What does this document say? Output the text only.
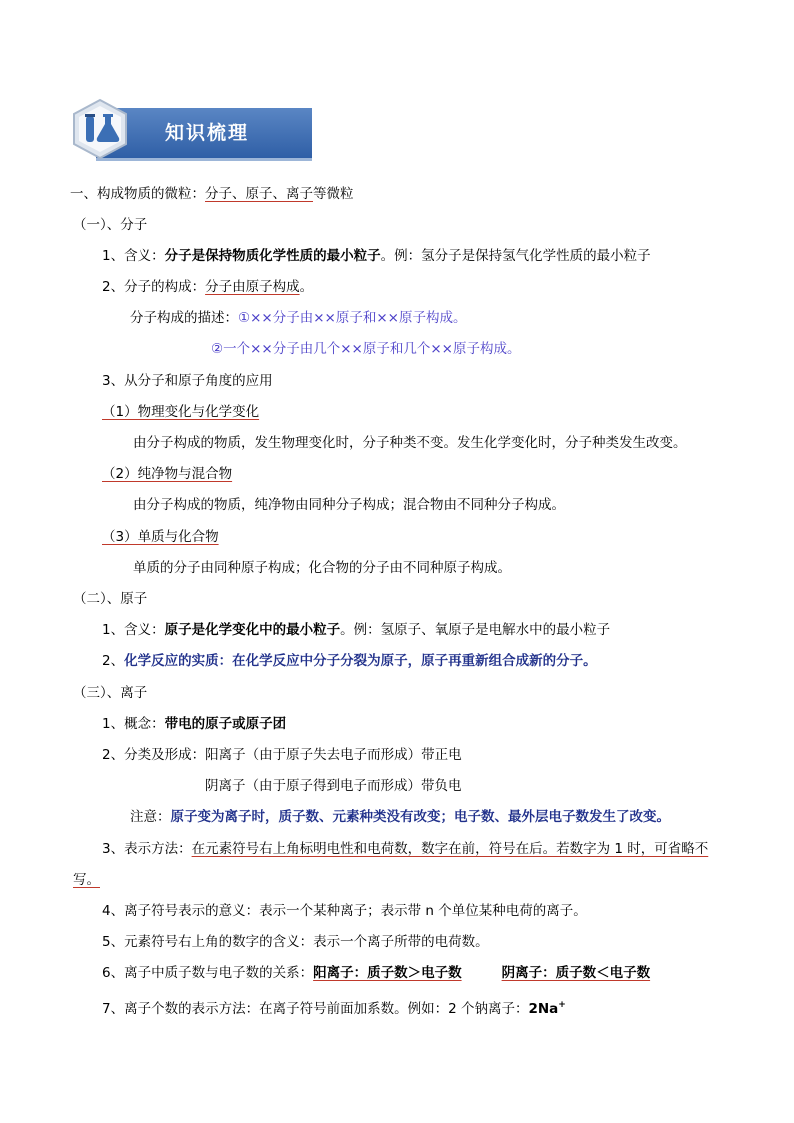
知识梳理
一、构成物质的微粒：分子、原子、离子等微粒
（一）、分子
1、含义：分子是保持物质化学性质的最小粒子。例：氢分子是保持氢气化学性质的最小粒子
2、分子的构成：分子由原子构成。
分子构成的描述：①××分子由××原子和××原子构成。
②一个××分子由几个××原子和几个××原子构成。
3、从分子和原子角度的应用
（1）物理变化与化学变化
由分子构成的物质，发生物理变化时，分子种类不变。发生化学变化时，分子种类发生改变。
（2）纯净物与混合物
由分子构成的物质，纯净物由同种分子构成；混合物由不同种分子构成。
（3）单质与化合物
单质的分子由同种原子构成；化合物的分子由不同种原子构成。
（二）、原子
1、含义：原子是化学变化中的最小粒子。例：氢原子、氧原子是电解水中的最小粒子
2、化学反应的实质：在化学反应中分子分裂为原子，原子再重新组合成新的分子。
（三）、离子
1、概念：带电的原子或原子团
2、分类及形成：阳离子（由于原子失去电子而形成）带正电
阴离子（由于原子得到电子而形成）带负电
注意：原子变为离子时，质子数、元素种类没有改变；电子数、最外层电子数发生了改变。
3、表示方法：在元素符号右上角标明电性和电荷数，数字在前，符号在后。若数字为 1 时，可省略不
写。
4、离子符号表示的意义：表示一个某种离子；表示带 n 个单位某种电荷的离子。
5、元素符号右上角的数字的含义：表示一个离子所带的电荷数。
6、离子中质子数与电子数的关系：阳离子：质子数＞电子数	阴离子：质子数＜电子数
7、离子个数的表示方法：在离子符号前面加系数。例如：2 个钠离子：2Na+
